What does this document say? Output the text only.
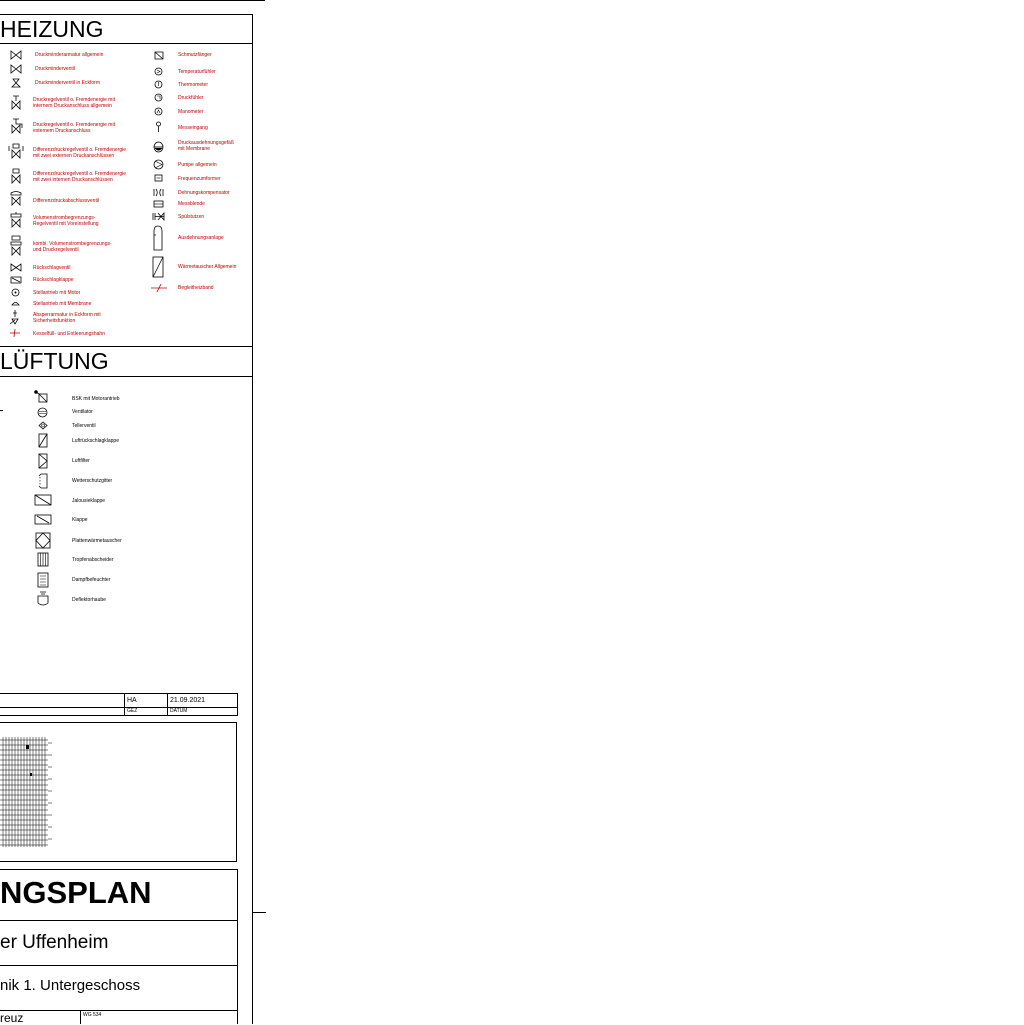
HEIZUNG
LÜFTUNG
Druckminderarmatur allgemein
Druckminderventil
Druckminderventil in Eckform
Druckregelventil o. Fremdenergie mit
internem Druckanschluss allgemein
Druckregelventil o. Fremdenergie mit
externem Druckanschluss
Differenzdruckregelventil o. Fremdenergie
mit zwei externen Druckanschlüssen
Differenzdruckregelventil o. Fremdenergie
mit zwei internen Druckanschlüssen
Differenzdruckabschlussventil
Volumenstrombegrenzungs-
Regelventil mit Voreinstellung
kombi. Volumenstrombegrenzungs-
und Druckregelventil
Rückschlagventil
Rückschlagklappe
Stellantrieb mit Motor
Stellantrieb mit Membrane
Absperrarmatur in Eckform mit
Sicherheitsfunktion
Kesselfüll- und Entleerungshahn
Schmutzfänger
Temperaturfühler
Thermometer
Druckfühler
Manometer
Messeingang
Druckausdehnungsgefäß
mit Membrane
Pumpe allgemein
Frequenzumformer
Dehnungskompensator
Messblende
Spülstutzen
Ausdehnungsanlage
Wärmetauscher Allgemein
Begleitheizband
BSK mit Motorantrieb
Ventilator
Tellerventil
Luftrückschlagklappe
Luftfilter
Wetterschutzgitter
Jalousieklappe
Klappe
Plattenwärmetauscher
Tropfenabscheider
Dampfbefeuchter
Deflektorhaube
HA	21.09.2021
GEZ	DATUM
NGSPLAN
er Uffenheim
nik 1. Untergeschoss
reuz	WG 534
